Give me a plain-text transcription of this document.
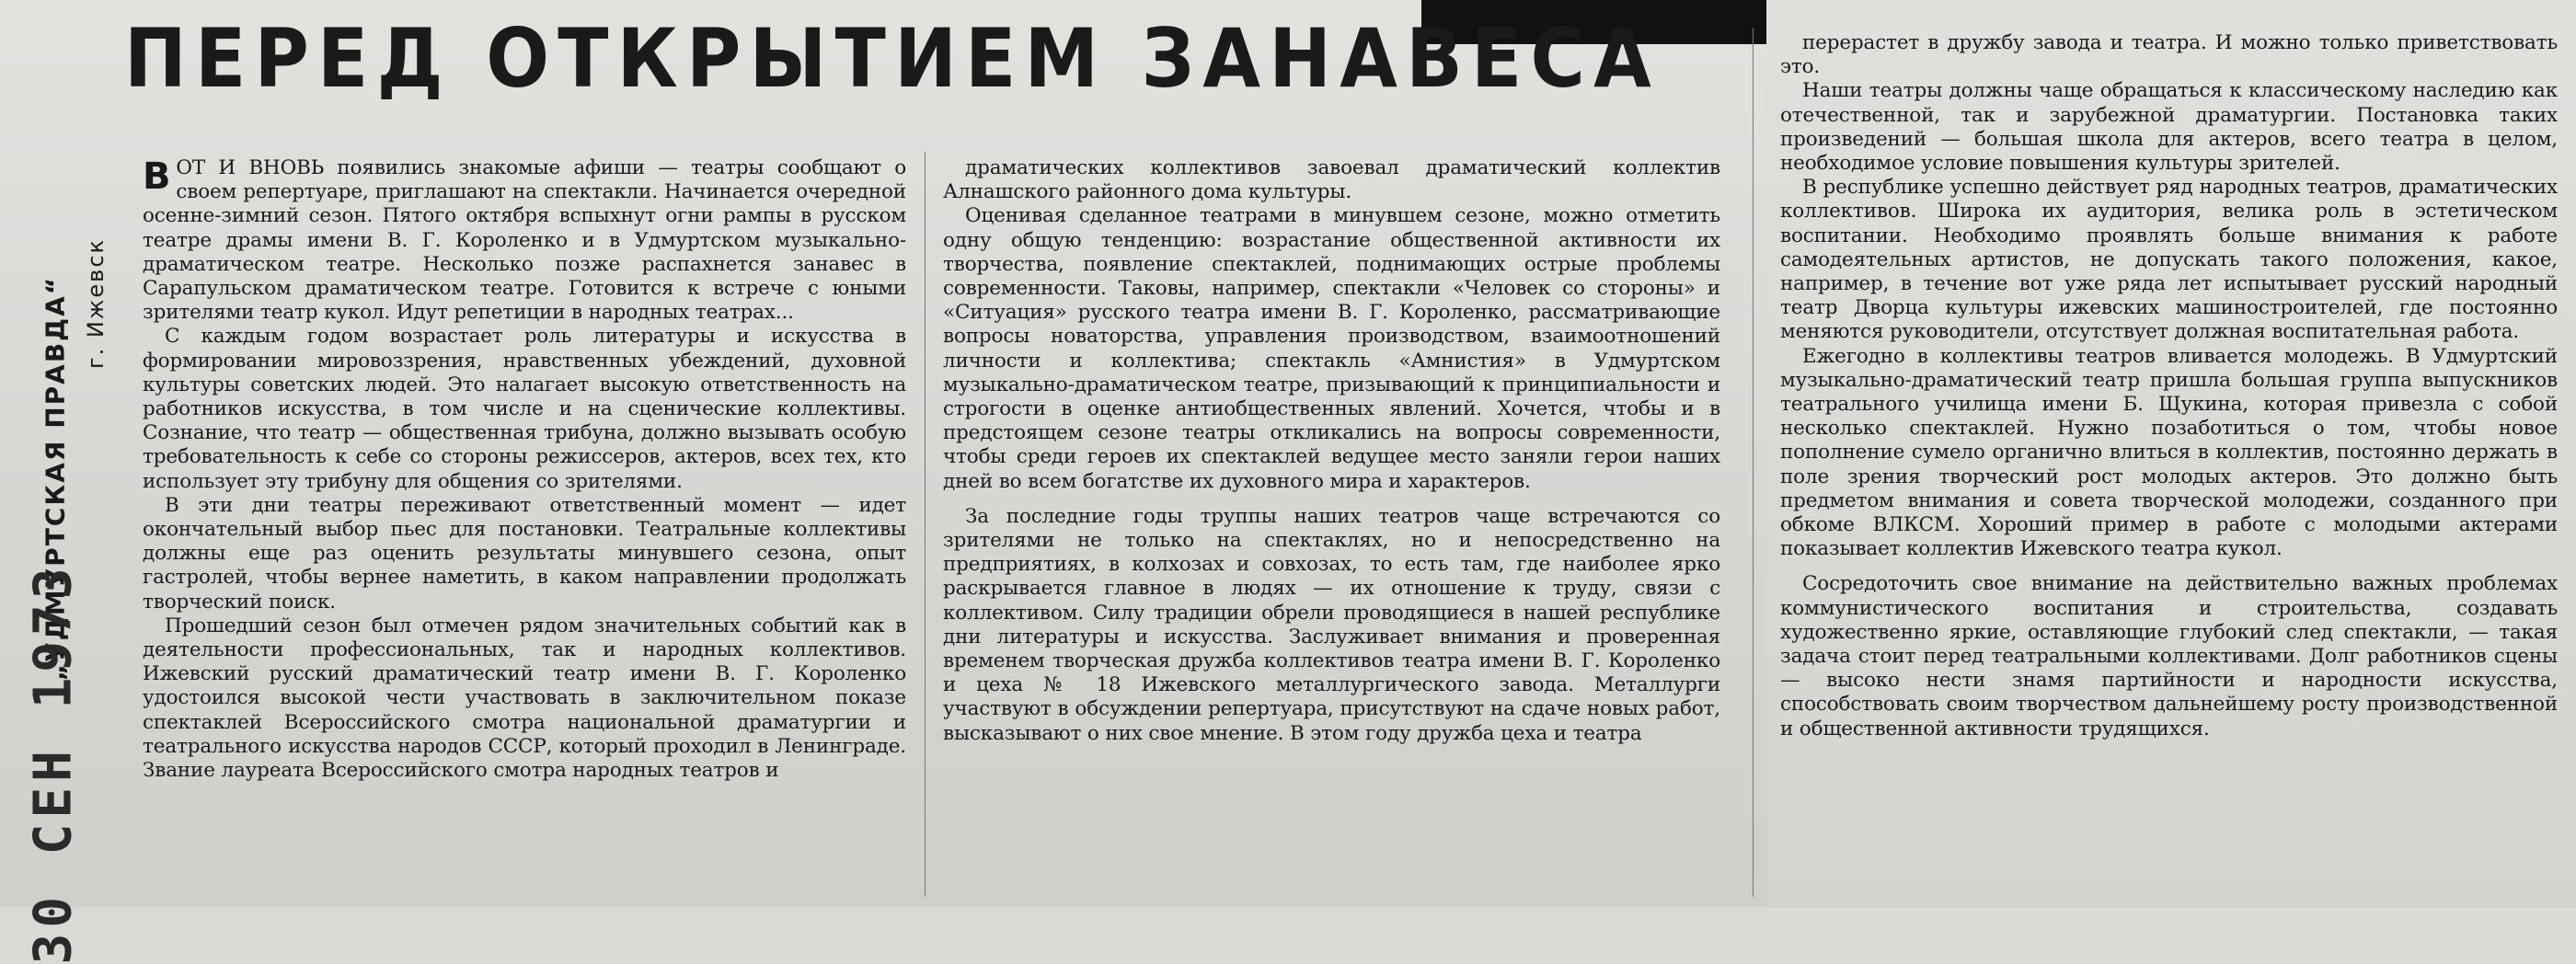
„УДМУРТСКАЯ ПРАВДА“ г. Ижевск
30 СЕН 1973
ПЕРЕД ОТКРЫТИЕМ ЗАНАВЕСА

ВОТ И ВНОВЬ появились знакомые афиши — театры сообщают о своем репертуаре, приглашают на спектакли. Начинается очередной осенне-зимний сезон. Пятого октября вспыхнут огни рампы в русском театре драмы имени В. Г. Короленко и в Удмуртском музыкально-драматическом театре. Несколько позже распахнется занавес в Сарапульском драматическом театре. Готовится к встрече с юными зрителями театр кукол. Идут репетиции в народных театрах...

С каждым годом возрастает роль литературы и искусства в формировании мировоззрения, нравственных убеждений, духовной культуры советских людей. Это налагает высокую ответственность на работников искусства, в том числе и на сценические коллективы. Сознание, что театр — общественная трибуна, должно вызывать особую требовательность к себе со стороны режиссеров, актеров, всех тех, кто использует эту трибуну для общения со зрителями.

В эти дни театры переживают ответственный момент — идет окончательный выбор пьес для постановки. Театральные коллективы должны еще раз оценить результаты минувшего сезона, опыт гастролей, чтобы вернее наметить, в каком направлении продолжать творческий поиск.

Прошедший сезон был отмечен рядом значительных событий как в деятельности профессиональных, так и народных коллективов. Ижевский русский драматический театр имени В. Г. Короленко удостоился высокой чести участвовать в заключительном показе спектаклей Всероссийского смотра национальной драматургии и театрального искусства народов СССР, который проходил в Ленинграде. Звание лауреата Всероссийского смотра народных театров и

драматических коллективов завоевал драматический коллектив Алнашского районного дома культуры.

Оценивая сделанное театрами в минувшем сезоне, можно отметить одну общую тенденцию: возрастание общественной активности их творчества, появление спектаклей, поднимающих острые проблемы современности. Таковы, например, спектакли «Человек со стороны» и «Ситуация» русского театра имени В. Г. Короленко, рассматривающие вопросы новаторства, управления производством, взаимоотношений личности и коллектива; спектакль «Амнистия» в Удмуртском музыкально-драматическом театре, призывающий к принципиальности и строгости в оценке антиобщественных явлений. Хочется, чтобы и в предстоящем сезоне театры откликались на вопросы современности, чтобы среди героев их спектаклей ведущее место заняли герои наших дней во всем богатстве их духовного мира и характеров.

За последние годы труппы наших театров чаще встречаются со зрителями не только на спектаклях, но и непосредственно на предприятиях, в колхозах и совхозах, то есть там, где наиболее ярко раскрывается главное в людях — их отношение к труду, связи с коллективом. Силу традиции обрели проводящиеся в нашей республике дни литературы и искусства. Заслуживает внимания и проверенная временем творческая дружба коллективов театра имени В. Г. Короленко и цеха № 18 Ижевского металлургического завода. Металлурги участвуют в обсуждении репертуара, присутствуют на сдаче новых работ, высказывают о них свое мнение. В этом году дружба цеха и театра

перерастет в дружбу завода и театра. И можно только приветствовать это.

Наши театры должны чаще обращаться к классическому наследию как отечественной, так и зарубежной драматургии. Постановка таких произведений — большая школа для актеров, всего театра в целом, необходимое условие повышения культуры зрителей.

В республике успешно действует ряд народных театров, драматических коллективов. Широка их аудитория, велика роль в эстетическом воспитании. Необходимо проявлять больше внимания к работе самодеятельных артистов, не допускать такого положения, какое, например, в течение вот уже ряда лет испытывает русский народный театр Дворца культуры ижевских машиностроителей, где постоянно меняются руководители, отсутствует должная воспитательная работа.

Ежегодно в коллективы театров вливается молодежь. В Удмуртский музыкально-драматический театр пришла большая группа выпускников театрального училища имени Б. Щукина, которая привезла с собой несколько спектаклей. Нужно позаботиться о том, чтобы новое пополнение сумело органично влиться в коллектив, постоянно держать в поле зрения творческий рост молодых актеров. Это должно быть предметом внимания и совета творческой молодежи, созданного при обкоме ВЛКСМ. Хороший пример в работе с молодыми актерами показывает коллектив Ижевского театра кукол.

Сосредоточить свое внимание на действительно важных проблемах коммунистического воспитания и строительства, создавать художественно яркие, оставляющие глубокий след спектакли, — такая задача стоит перед театральными коллективами. Долг работников сцены — высоко нести знамя партийности и народности искусства, способствовать своим творчеством дальнейшему росту производственной и общественной активности трудящихся.
